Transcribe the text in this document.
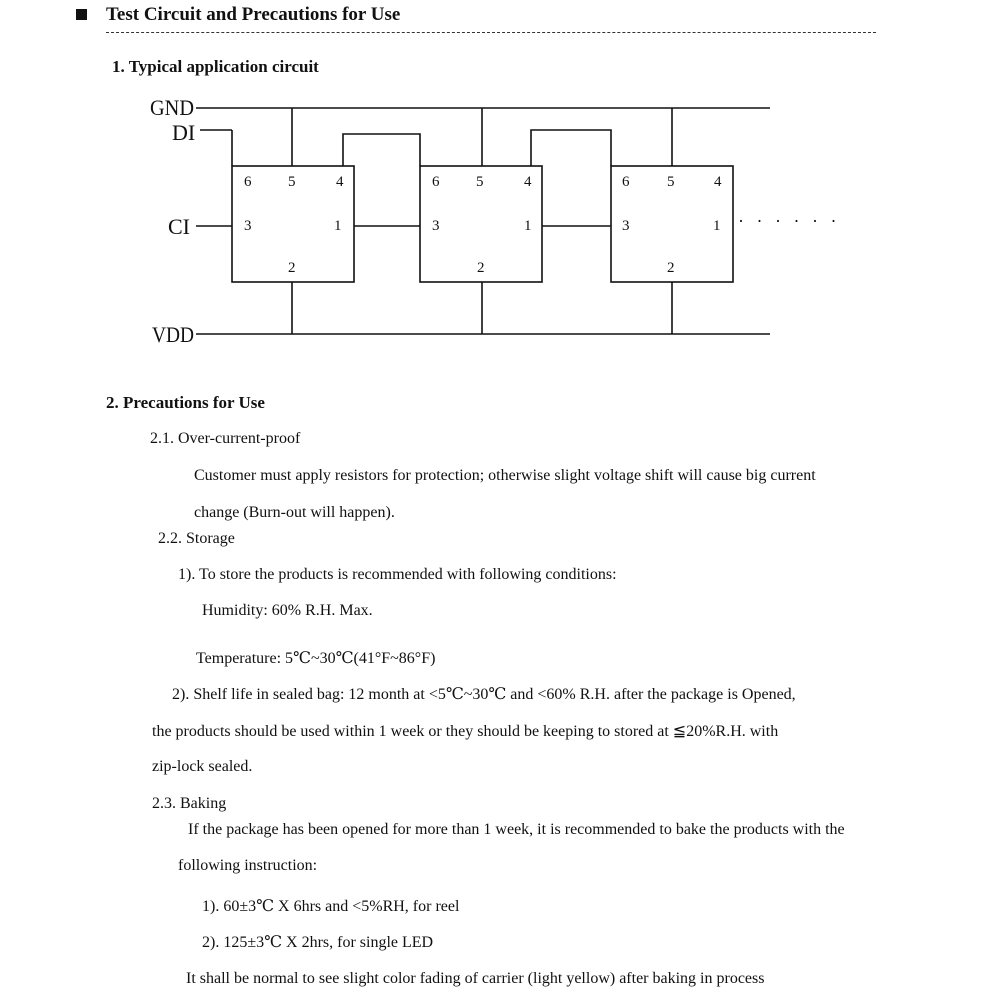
Test Circuit and Precautions for Use
1. Typical application circuit
GND
DI
CI
VDD
6 5	4
3	1
2
6 5	4
3	1
2
6	5	4
3	1
2
· · · · · ·
2. Precautions for Use
2.1. Over-current-proof
Customer must apply resistors for protection; otherwise slight voltage shift will cause big current
change (Burn-out will happen).
2.2. Storage
1). To store the products is recommended with following conditions:
Humidity: 60% R.H. Max.
Temperature: 5℃~30℃(41°F~86°F)
2). Shelf life in sealed bag: 12 month at <5℃~30℃ and <60% R.H. after the package is Opened,
the products should be used within 1 week or they should be keeping to stored at ≦20%R.H. with
zip-lock sealed.
2.3. Baking
If the package has been opened for more than 1 week, it is recommended to bake the products with the
following instruction:
1). 60±3℃ X 6hrs and <5%RH, for reel
2). 125±3℃ X 2hrs, for single LED
It shall be normal to see slight color fading of carrier (light yellow) after baking in process
